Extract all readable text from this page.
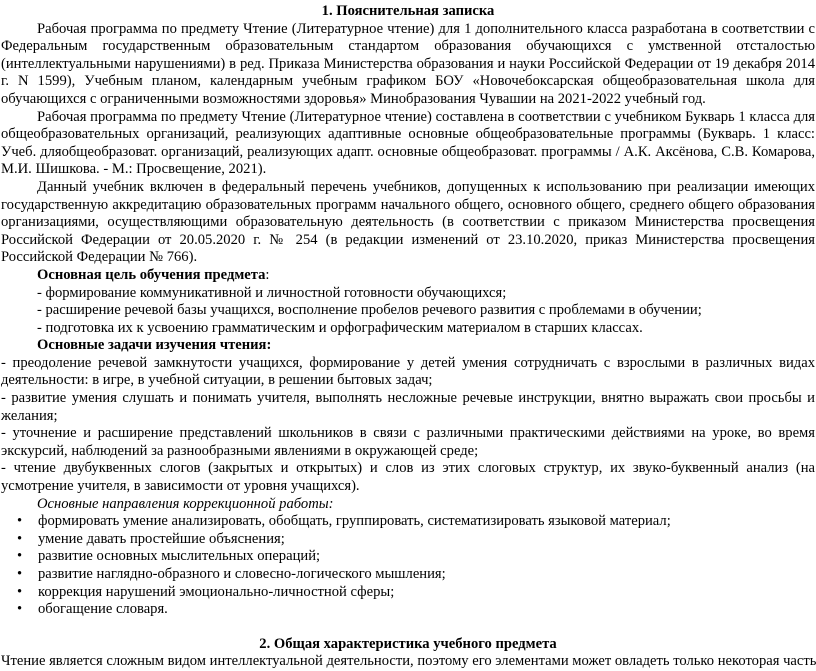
1. Пояснительная записка

Рабочая программа по предмету Чтение (Литературное чтение) для 1 дополнительного класса разработана в соответствии с Федеральным государственным образовательным стандартом образования обучающихся с умственной отсталостью (интеллектуальными нарушениями) в ред. Приказа Министерства образования и науки Российской Федерации от 19 декабря 2014 г. N 1599), Учебным планом, календарным учебным графиком БОУ «Новочебоксарская общеобразовательная школа для обучающихся с ограниченными возможностями здоровья» Минобразования Чувашии на 2021-2022 учебный год.

Рабочая программа по предмету Чтение (Литературное чтение) составлена в соответствии с учебником Букварь 1 класса для общеобразовательных организаций, реализующих адаптивные основные общеобразовательные программы (Букварь. 1 класс: Учеб. дляобщеобразоват. организаций, реализующих адапт. основные общеобразоват. программы / А.К. Аксёнова, С.В. Комарова, М.И. Шишкова. - М.: Просвещение, 2021).

Данный учебник включен в федеральный перечень учебников, допущенных к использованию при реализации имеющих государственную аккредитацию образовательных программ начального общего, основного общего, среднего общего образования организациями, осуществляющими образовательную деятельность (в соответствии с приказом Министерства просвещения Российской Федерации от 20.05.2020 г. № 254 (в редакции изменений от 23.10.2020, приказ Министерства просвещения Российской Федерации № 766).

Основная цель обучения предмета:

- формирование коммуникативной и личностной готовности обучающихся;

- расширение речевой базы учащихся, восполнение пробелов речевого развития с проблемами в обучении;

- подготовка их к усвоению грамматическим и орфографическим материалом в старших классах.

Основные задачи изучения чтения:

- преодоление речевой замкнутости учащихся, формирование у детей умения сотрудничать с взрослыми в различных видах деятельности: в игре, в учебной ситуации, в решении бытовых задач;

- развитие умения слушать и понимать учителя, выполнять несложные речевые инструкции, внятно выражать свои просьбы и желания;

- уточнение и расширение представлений школьников в связи с различными практическими действиями на уроке, во время экскурсий, наблюдений за разнообразными явлениями в окружающей среде;

- чтение двубуквенных слогов (закрытых и открытых) и слов из этих слоговых структур, их звуко-буквенный анализ (на усмотрение учителя, в зависимости от уровня учащихся).

Основные направления коррекционной работы:

• формировать умение анализировать, обобщать, группировать, систематизировать языковой материал;
• умение давать простейшие объяснения;
• развитие основных мыслительных операций;
• развитие наглядно-образного и словесно-логического мышления;
• коррекция нарушений эмоционально-личностной сферы;
• обогащение словаря.

2. Общая характеристика учебного предмета

Чтение является сложным видом интеллектуальной деятельности, поэтому его элементами может овладеть только некоторая часть
